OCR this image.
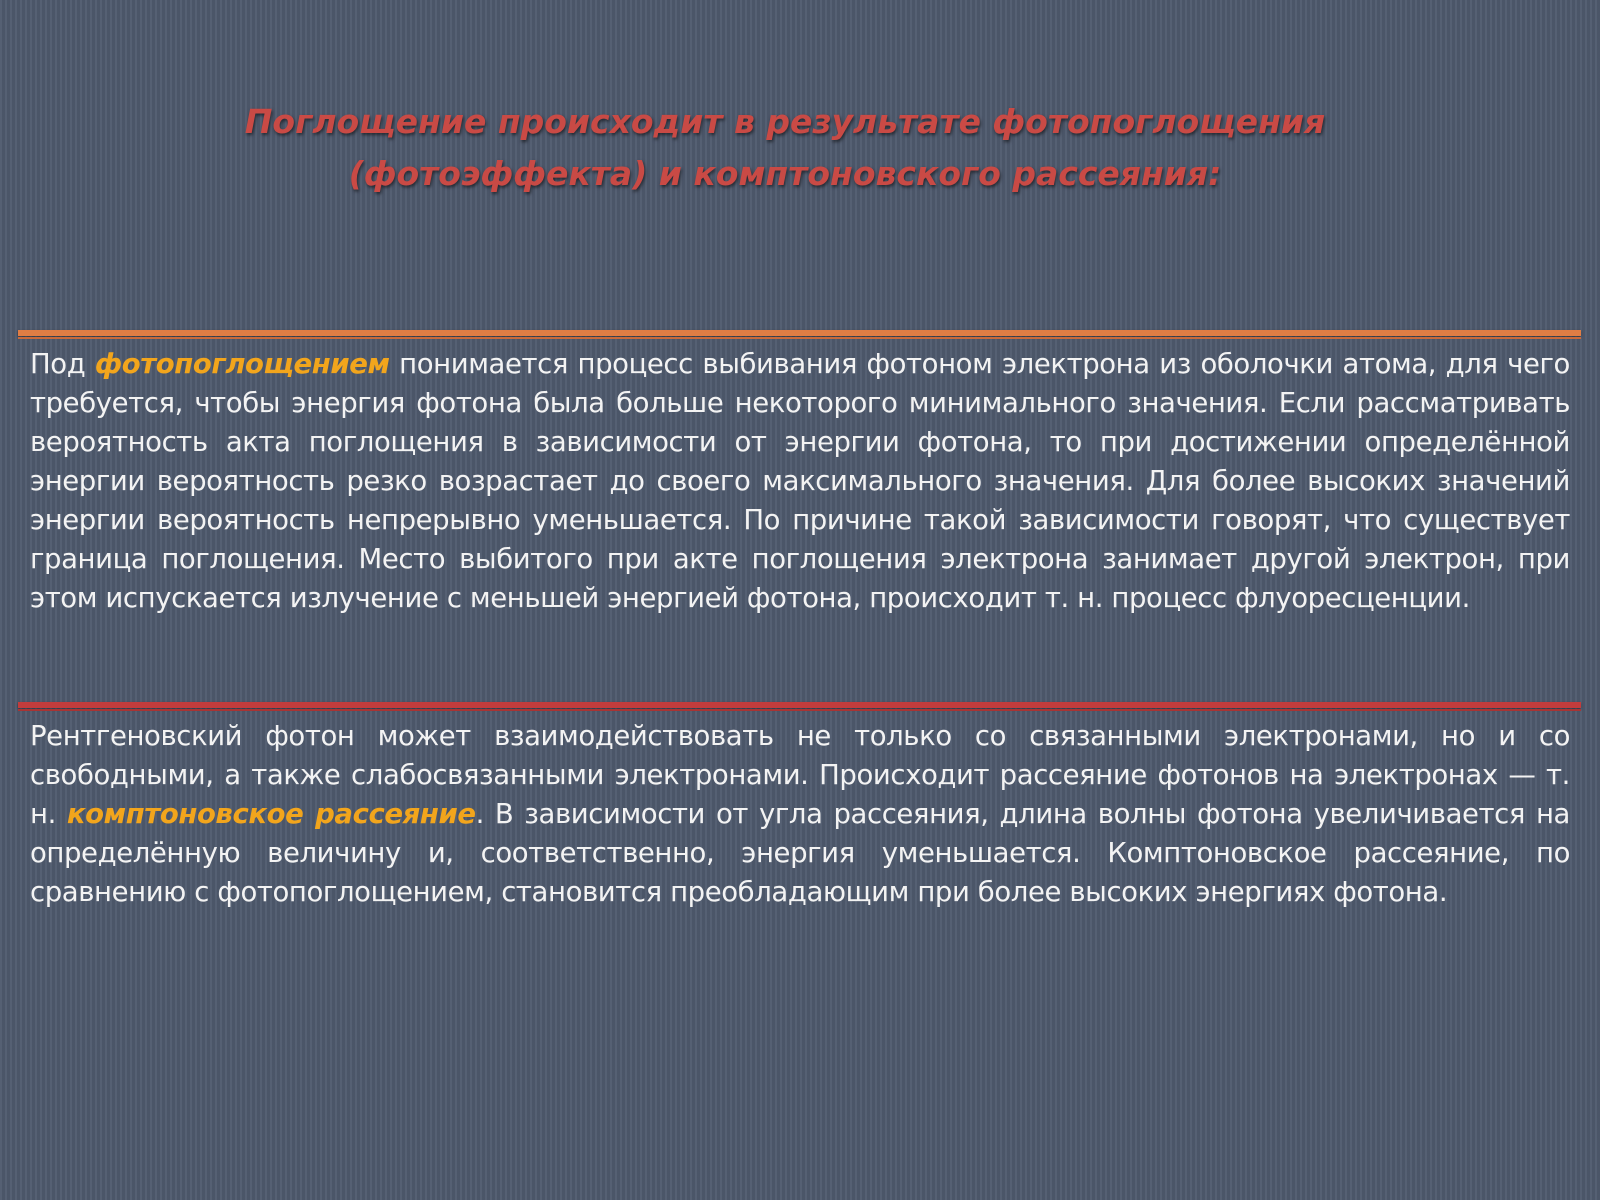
Поглощение происходит в результате фотопоглощения (фотоэффекта) и комптоновского рассеяния:

Под фотопоглощением понимается процесс выбивания фотоном электрона из оболочки атома, для чего требуется, чтобы энергия фотона была больше некоторого минимального значения. Если рассматривать вероятность акта поглощения в зависимости от энергии фотона, то при достижении определённой энергии вероятность резко возрастает до своего максимального значения. Для более высоких значений энергии вероятность непрерывно уменьшается. По причине такой зависимости говорят, что существует граница поглощения. Место выбитого при акте поглощения электрона занимает другой электрон, при этом испускается излучение с меньшей энергией фотона, происходит т. н. процесс флуоресценции.

Рентгеновский фотон может взаимодействовать не только со связанными электронами, но и со свободными, а также слабосвязанными электронами. Происходит рассеяние фотонов на электронах — т. н. комптоновское рассеяние. В зависимости от угла рассеяния, длина волны фотона увеличивается на определённую величину и, соответственно, энергия уменьшается. Комптоновское рассеяние, по сравнению с фотопоглощением, становится преобладающим при более высоких энергиях фотона.
